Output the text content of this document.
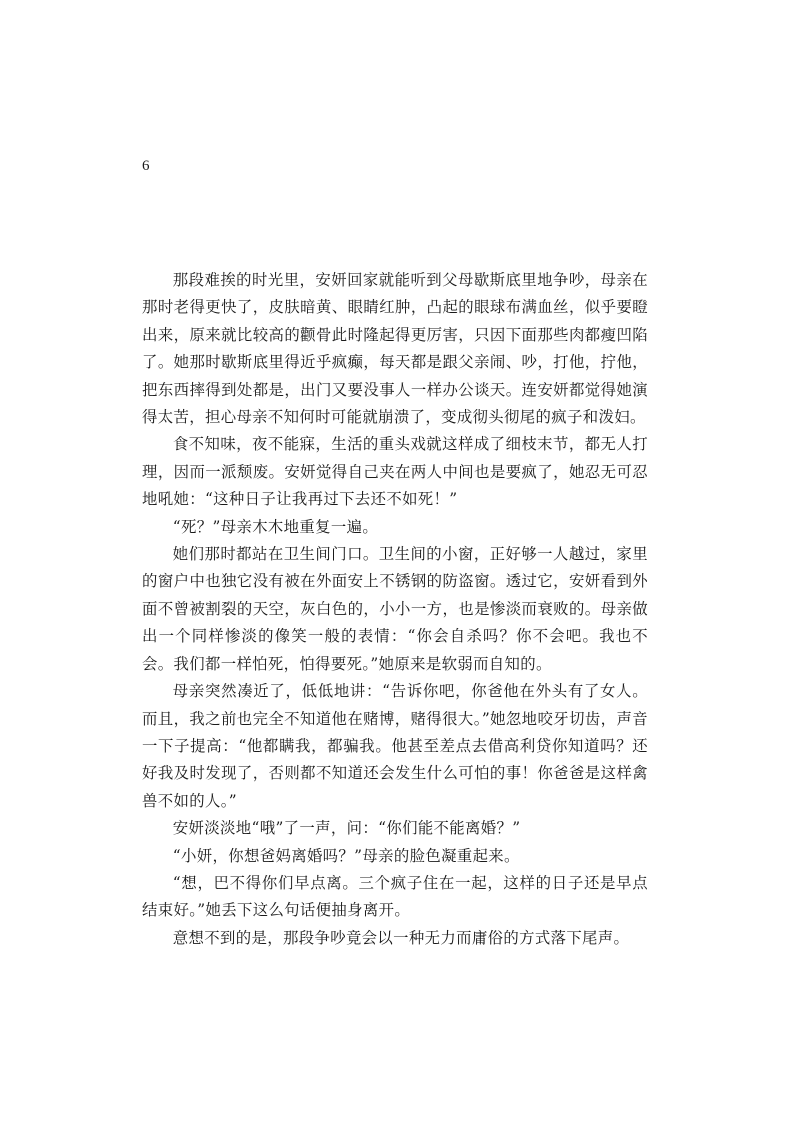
6

那段难挨的时光里，安妍回家就能听到父母歇斯底里地争吵，母亲在那时老得更快了，皮肤暗黄、眼睛红肿，凸起的眼球布满血丝，似乎要瞪出来，原来就比较高的颧骨此时隆起得更厉害，只因下面那些肉都瘦凹陷了。她那时歇斯底里得近乎疯癫，每天都是跟父亲闹、吵，打他，拧他，把东西摔得到处都是，出门又要没事人一样办公谈天。连安妍都觉得她演得太苦，担心母亲不知何时可能就崩溃了，变成彻头彻尾的疯子和泼妇。

食不知味，夜不能寐，生活的重头戏就这样成了细枝末节，都无人打理，因而一派颓废。安妍觉得自己夹在两人中间也是要疯了，她忍无可忍地吼她：“这种日子让我再过下去还不如死！”

“死？”母亲木木地重复一遍。

她们那时都站在卫生间门口。卫生间的小窗，正好够一人越过，家里的窗户中也独它没有被在外面安上不锈钢的防盗窗。透过它，安妍看到外面不曾被割裂的天空，灰白色的，小小一方，也是惨淡而衰败的。母亲做出一个同样惨淡的像笑一般的表情：“你会自杀吗？你不会吧。我也不会。我们都一样怕死，怕得要死。”她原来是软弱而自知的。

母亲突然凑近了，低低地讲：“告诉你吧，你爸他在外头有了女人。而且，我之前也完全不知道他在赌博，赌得很大。”她忽地咬牙切齿，声音一下子提高：“他都瞒我，都骗我。他甚至差点去借高利贷你知道吗？还好我及时发现了，否则都不知道还会发生什么可怕的事！你爸爸是这样禽兽不如的人。”

安妍淡淡地“哦”了一声，问：“你们能不能离婚？”

“小妍，你想爸妈离婚吗？”母亲的脸色凝重起来。

“想，巴不得你们早点离。三个疯子住在一起，这样的日子还是早点结束好。”她丢下这么句话便抽身离开。

意想不到的是，那段争吵竟会以一种无力而庸俗的方式落下尾声。
